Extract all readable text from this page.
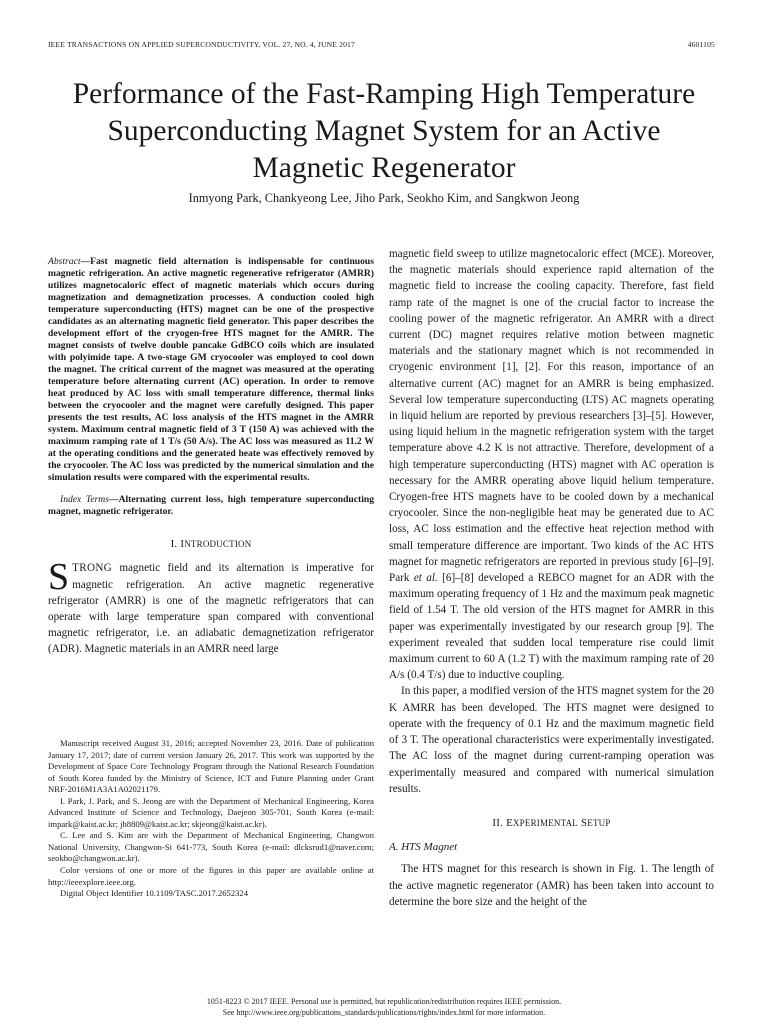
IEEE TRANSACTIONS ON APPLIED SUPERCONDUCTIVITY, VOL. 27, NO. 4, JUNE 2017	4601105
Performance of the Fast-Ramping High Temperature
Superconducting Magnet System for an Active
Magnetic Regenerator
Inmyong Park, Chankyeong Lee, Jiho Park, Seokho Kim, and Sangkwon Jeong

Abstract—Fast magnetic field alternation is indispensable for continuous magnetic refrigeration. An active magnetic regenerative refrigerator (AMRR) utilizes magnetocaloric effect of magnetic materials which occurs during magnetization and demagnetization processes. A conduction cooled high temperature superconducting (HTS) magnet can be one of the prospective candidates as an alternating magnetic field generator. This paper describes the development effort of the cryogen-free HTS magnet for the AMRR. The magnet consists of twelve double pancake GdBCO coils which are insulated with polyimide tape. A two-stage GM cryocooler was employed to cool down the magnet. The critical current of the magnet was measured at the operating temperature before alternating current (AC) operation. In order to remove heat produced by AC loss with small temperature difference, thermal links between the cryocooler and the magnet were carefully designed. This paper presents the test results, AC loss analysis of the HTS magnet in the AMRR system. Maximum central magnetic field of 3 T (150 A) was achieved with the maximum ramping rate of 1 T/s (50 A/s). The AC loss was measured as 11.2 W at the operating conditions and the generated heate was effectively removed by the cryocooler. The AC loss was predicted by the numerical simulation and the simulation results were compared with the experimental results.

Index Terms—Alternating current loss, high temperature superconducting magnet, magnetic refrigerator.

I. INTRODUCTION

STRONG magnetic field and its alternation is imperative for magnetic refrigeration. An active magnetic regenerative refrigerator (AMRR) is one of the magnetic refrigerators that can operate with large temperature span compared with conventional magnetic refrigerator, i.e. an adiabatic demagnetization refrigerator (ADR). Magnetic materials in an AMRR need large

Manuscript received August 31, 2016; accepted November 23, 2016. Date of publication January 17, 2017; date of current version January 26, 2017. This work was supported by the Development of Space Core Technology Program through the National Research Foundation of South Korea funded by the Ministry of Science, ICT and Future Planning under Grant NRF-2016M1A3A1A02021179.

I. Park, J. Park, and S. Jeong are with the Department of Mechanical Engineering, Korea Advanced Institute of Science and Technology, Daejeon 305-701, South Korea (e-mail: impark@kaist.ac.kr; jh8809@kaist.ac.kr; skjeong@kaist.ac.kr).

C. Lee and S. Kim are with the Department of Mechanical Engineering, Changwon National University, Changwon-Si 641-773, South Korea (e-mail: dlcksrud1@naver.com; seokho@changwon.ac.kr).

Color versions of one or more of the figures in this paper are available online at http://ieeexplore.ieee.org.

Digital Object Identifier 10.1109/TASC.2017.2652324

magnetic field sweep to utilize magnetocaloric effect (MCE). Moreover, the magnetic materials should experience rapid alternation of the magnetic field to increase the cooling capacity. Therefore, fast field ramp rate of the magnet is one of the crucial factor to increase the cooling power of the magnetic refrigerator. An AMRR with a direct current (DC) magnet requires relative motion between magnetic materials and the stationary magnet which is not recommended in cryogenic environment [1], [2]. For this reason, importance of an alternative current (AC) magnet for an AMRR is being emphasized. Several low temperature superconducting (LTS) AC magnets operating in liquid helium are reported by previous researchers [3]–[5]. However, using liquid helium in the magnetic refrigeration system with the target temperature above 4.2 K is not attractive. Therefore, development of a high temperature superconducting (HTS) magnet with AC operation is necessary for the AMRR operating above liquid helium temperature. Cryogen-free HTS magnets have to be cooled down by a mechanical cryocooler. Since the non-negligible heat may be generated due to AC loss, AC loss estimation and the effective heat rejection method with small temperature difference are important. Two kinds of the AC HTS magnet for magnetic refrigerators are reported in previous study [6]–[9]. Park et al. [6]–[8] developed a REBCO magnet for an ADR with the maximum operating frequency of 1 Hz and the maximum peak magnetic field of 1.54 T. The old version of the HTS magnet for AMRR in this paper was experimentally investigated by our research group [9]. The experiment revealed that sudden local temperature rise could limit maximum current to 60 A (1.2 T) with the maximum ramping rate of 20 A/s (0.4 T/s) due to inductive coupling.

In this paper, a modified version of the HTS magnet system for the 20 K AMRR has been developed. The HTS magnet were designed to operate with the frequency of 0.1 Hz and the maximum magnetic field of 3 T. The operational characteristics were experimentally investigated. The AC loss of the magnet during current-ramping operation was experimentally measured and compared with numerical simulation results.

II. EXPERIMENTAL SETUP
A. HTS Magnet

The HTS magnet for this research is shown in Fig. 1. The length of the active magnetic regenerator (AMR) has been taken into account to determine the bore size and the height of the

1051-8223 © 2017 IEEE. Personal use is permitted, but republication/redistribution requires IEEE permission.
See http://www.ieee.org/publications_standards/publications/rights/index.html for more information.
